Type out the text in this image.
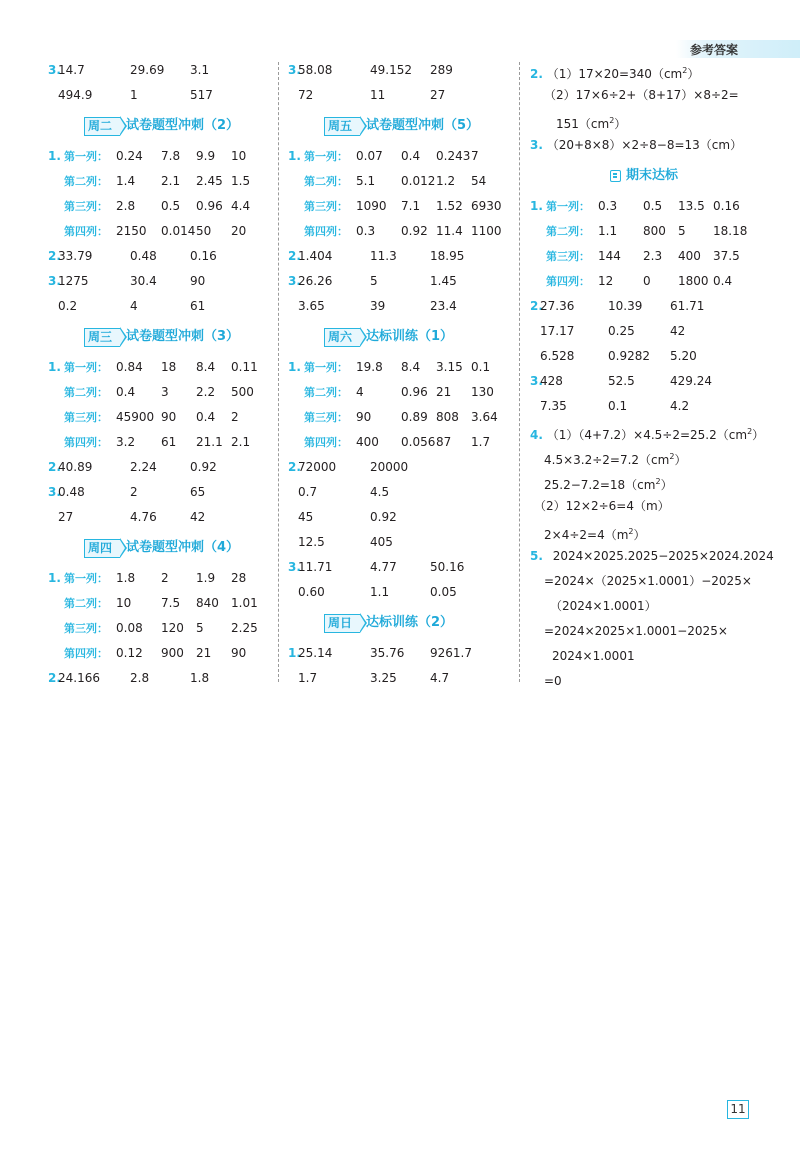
参考答案
3.
14.7	29.69 3.1
494.9	1	517
周二 试卷题型冲刺（2）
1. 第一列： 0.24 7.8 9.9 10
第二列： 1.4 2.1 2.45 1.5
第三列： 2.8 0.5 0.96 4.4
第四列： 2150 0.014 50 20
2.
33.79	0.48	0.16
3.
1275	30.4	90
0.2	4	61
周三 试卷题型冲刺（3）
1. 第一列： 0.84 18 8.4 0.11
第二列： 0.4 3 2.2 500
第三列： 45900 90 0.4 2
第四列： 3.2 61 21.1 2.1
2.
40.89	2.24	0.92
3.
0.48	2	65
27	4.76	42
周四 试卷题型冲刺（4）
1. 第一列： 1.8 2 1.9 28
第二列： 10 7.5 840 1.01
第三列： 0.08 120 5 2.25
第四列： 0.12 900 21 90
2.
24.166	2.8	1.8
3.
58.08	49.152 289
72	11	27
周五 试卷题型冲刺（5）
1. 第一列： 0.07 0.4 0.243 7
第二列： 5.1 0.012 1.2 54
第三列： 1090 7.1 1.52 6930
第四列： 0.3 0.92 11.4 1100
2.
1.404	11.3	18.95
3.
26.26	5	1.45
3.65	39	23.4
周六 达标训练（1）
1. 第一列： 19.8 8.4 3.15 0.1
第二列： 4	0.96 21 130
第三列： 90 0.89 808 3.64
第四列： 400 0.056 87 1.7
2.
72000	20000
0.7	4.5
45	0.92
12.5	405
3.
11.71	4.77	50.16
0.60	1.1	0.05
周日 达标训练（2）
1.
25.14	35.76 9261.7
1.7	3.25	4.7
2. $(1)17\times 20=340(cm^2)$
（2）17×6÷2+（8+17）×8÷2=
$151(cm^2)$
3. （20+8×8）×2÷8−8=13（cm）
期末达标
1. 第一列： 0.3 0.5 13.5 0.16
第二列： 1.1 800 5 18.18
第三列： 144 2.3 400 37.5
第四列： 12 0 1800 0.4
2.
27.36	10.39 61.71
17.17	0.25	42
6.528	0.9282 5.20
3.
428	52.5	429.24
7.35	0.1	4.2
4. $(1)(4+7.2)\times 4.5\div 2=25.2(cm^2)$
$4.5\times 3.2\div 2=7.2(cm^2)$
$25.2-7.2=18(cm^2)$
（2）12×2÷6=4（m）
$2\times 4\div 2=4(m^2)$
5. 2024×2025.2025−2025×2024.2024
=2024×（2025×1.0001）−2025×
（2024×1.0001）
=2024×2025×1.0001−2025×
2024×1.0001
=0
11
